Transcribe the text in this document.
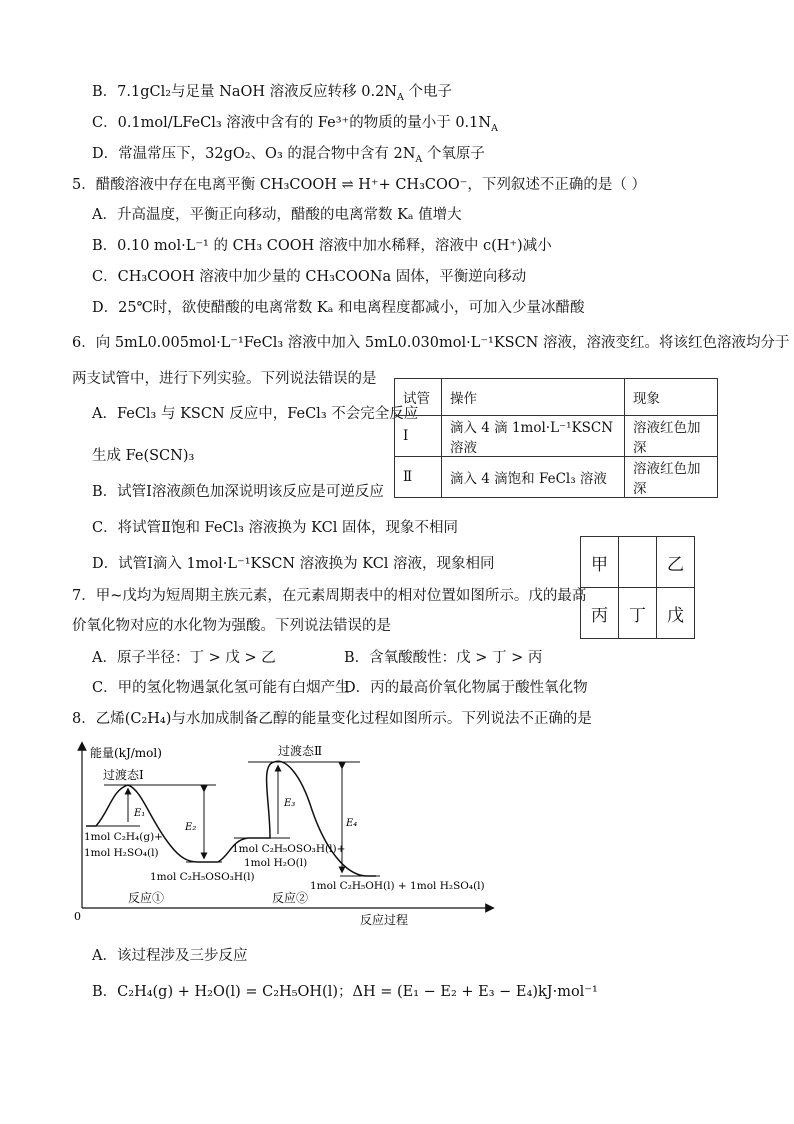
B．7.1gCl₂与足量 NaOH 溶液反应转移 $0.2N_A$ 个电子
C．0.1mol/LFeCl₃ 溶液中含有的 Fe³⁺的物质的量小于 $0.1N_A$
D．常温常压下，32gO₂、O₃ 的混合物中含有 $2N_A$ 个氧原子
5．醋酸溶液中存在电离平衡 CH₃COOH ⇌ H⁺+ CH₃COO⁻，下列叙述不正确的是（ ）
A．升高温度，平衡正向移动，醋酸的电离常数 Kₐ 值增大
B．0.10 mol·L⁻¹ 的 CH₃ COOH 溶液中加水稀释，溶液中 c(H⁺)减小
C．CH₃COOH 溶液中加少量的 CH₃COONa 固体，平衡逆向移动
D．25℃时，欲使醋酸的电离常数 Kₐ 和电离程度都减小，可加入少量冰醋酸
6．向 5mL0.005mol·L⁻¹FeCl₃ 溶液中加入 5mL0.030mol·L⁻¹KSCN 溶液，溶液变红。将该红色溶液均分于
两支试管中，进行下列实验。下列说法错误的是
A．FeCl₃ 与 KSCN 反应中，FeCl₃ 不会完全反应
生成 Fe(SCN)₃
B．试管Ⅰ溶液颜色加深说明该反应是可逆反应
C．将试管Ⅱ饱和 FeCl₃ 溶液换为 KCl 固体，现象不相同
D．试管Ⅰ滴入 1mol·L⁻¹KSCN 溶液换为 KCl 溶液，现象相同
试管	操作	现象
Ⅰ	滴入 4 滴 1mol·L⁻¹KSCN 溶液	溶液红色加深
Ⅱ	滴入 4 滴饱和 FeCl₃ 溶液	溶液红色加深
7．甲~戊均为短周期主族元素，在元素周期表中的相对位置如图所示。戊的最高
价氧化物对应的水化物为强酸。下列说法错误的是
A．原子半径：丁 > 戊 > 乙	B．含氧酸酸性：戊 > 丁 > 丙
C．甲的氢化物遇氯化氢可能有白烟产生
D．丙的最高价氧化物属于酸性氧化物
甲		乙
丙	丁	戊
8．乙烯(C₂H₄)与水加成制备乙醇的能量变化过程如图所示。下列说法不正确的是
能量(kJ/mol)
反应过程
0
过渡态Ⅰ
过渡态Ⅱ
E₁
E₂
E₃
E₄
1mol C₂H₄(g)+
1mol H₂SO₄(l)
1mol C₂H₅OSO₃H(l)
1mol C₂H₅OSO₃H(l)+
1mol H₂O(l)
1mol C₂H₅OH(l) + 1mol H₂SO₄(l)
反应①	反应②
A．该过程涉及三步反应
B．C₂H₄(g) + H₂O(l) = C₂H₅OH(l)；ΔH = (E₁ − E₂ + E₃ − E₄)kJ·mol⁻¹
